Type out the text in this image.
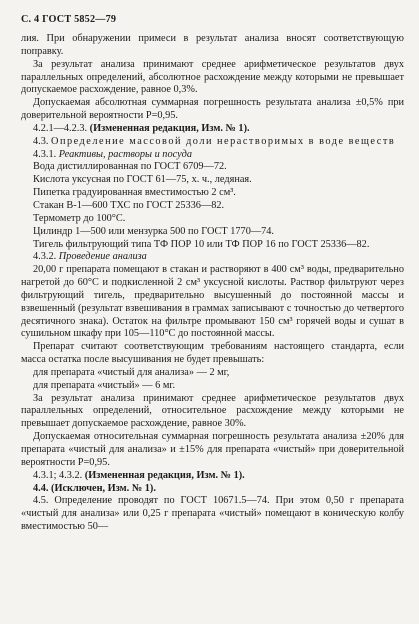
С. 4 ГОСТ 5852—79

лия. При обнаружении примеси в результат анализа вносят соответствующую поправку.

За результат анализа принимают среднее арифметическое результатов двух параллельных определений, абсолютное расхождение между которыми не превышает допускаемое расхождение, равное 0,3%.

Допускаемая абсолютная суммарная погрешность результата анализа ±0,5% при доверительной вероятности P=0,95.

4.2.1—4.2.3. (Измененная редакция, Изм. № 1).

4.3. Определение массовой доли нерастворимых в воде веществ

4.3.1. Реактивы, растворы и посуда

Вода дистиллированная по ГОСТ 6709—72.

Кислота уксусная по ГОСТ 61—75, х. ч., ледяная.

Пипетка градуированная вместимостью 2 см³.

Стакан В-1—600 ТХС по ГОСТ 25336—82.

Термометр до 100°С.

Цилиндр 1—500 или мензурка 500 по ГОСТ 1770—74.

Тигель фильтрующий типа ТФ ПОР 10 или ТФ ПОР 16 по ГОСТ 25336—82.

4.3.2. Проведение анализа

20,00 г препарата помещают в стакан и растворяют в 400 см³ воды, предварительно нагретой до 60°С и подкисленной 2 см³ уксусной кислоты. Раствор фильтруют через фильтрующий тигель, предварительно высушенный до постоянной массы и взвешенный (результат взвешивания в граммах записывают с точностью до четвертого десятичного знака). Остаток на фильтре промывают 150 см³ горячей воды и сушат в сушильном шкафу при 105—110°С до постоянной массы.

Препарат считают соответствующим требованиям настоящего стандарта, если масса остатка после высушивания не будет превышать:

для препарата «чистый для анализа» — 2 мг,

для препарата «чистый» — 6 мг.

За результат анализа принимают среднее арифметическое результатов двух параллельных определений, относительное расхождение между которыми не превышает допускаемое расхождение, равное 30%.

Допускаемая относительная суммарная погрешность результата анализа ±20% для препарата «чистый для анализа» и ±15% для препарата «чистый» при доверительной вероятности P=0,95.

4.3.1; 4.3.2. (Измененная редакция, Изм. № 1).

4.4. (Исключен, Изм. № 1).

4.5. Определение проводят по ГОСТ 10671.5—74. При этом 0,50 г препарата «чистый для анализа» или 0,25 г препарата «чистый» помещают в коническую колбу вместимостью 50—
